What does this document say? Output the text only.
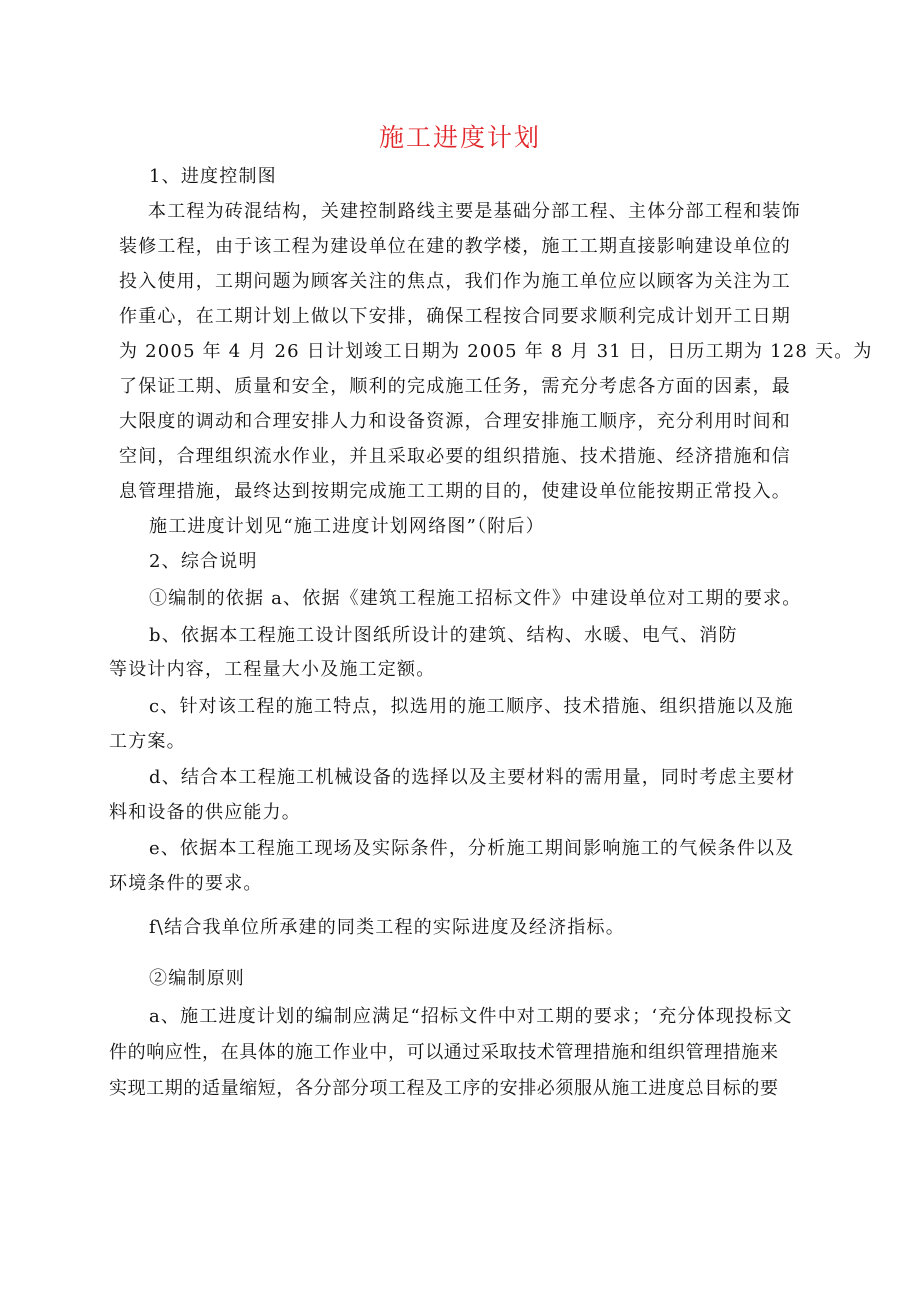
施工进度计划
1、进度控制图
本工程为砖混结构，关建控制路线主要是基础分部工程、主体分部工程和装饰
装修工程，由于该工程为建设单位在建的教学楼，施工工期直接影响建设单位的
投入使用，工期问题为顾客关注的焦点，我们作为施工单位应以顾客为关注为工
作重心，在工期计划上做以下安排，确保工程按合同要求顺利完成计划开工日期
为 2005 年 4 月 26 日计划竣工日期为 2005 年 8 月 31 日，日历工期为 128 天。为
了保证工期、质量和安全，顺利的完成施工任务，需充分考虑各方面的因素，最
大限度的调动和合理安排人力和设备资源，合理安排施工顺序，充分利用时间和
空间，合理组织流水作业，并且采取必要的组织措施、技术措施、经济措施和信
息管理措施，最终达到按期完成施工工期的目的，使建设单位能按期正常投入。
施工进度计划见“施工进度计划网络图”（附后）
2、综合说明
①编制的依据 a、依据《建筑工程施工招标文件》中建设单位对工期的要求。
b、依据本工程施工设计图纸所设计的建筑、结构、水暖、电气、消防
等设计内容，工程量大小及施工定额。
c、针对该工程的施工特点，拟选用的施工顺序、技术措施、组织措施以及施
工方案。
d、结合本工程施工机械设备的选择以及主要材料的需用量，同时考虑主要材
料和设备的供应能力。
e、依据本工程施工现场及实际条件，分析施工期间影响施工的气候条件以及
环境条件的要求。
f\结合我单位所承建的同类工程的实际进度及经济指标。
②编制原则
a、施工进度计划的编制应满足“招标文件中对工期的要求；‘充分体现投标文
件的响应性，在具体的施工作业中，可以通过采取技术管理措施和组织管理措施来
实现工期的适量缩短，各分部分项工程及工序的安排必须服从施工进度总目标的要
